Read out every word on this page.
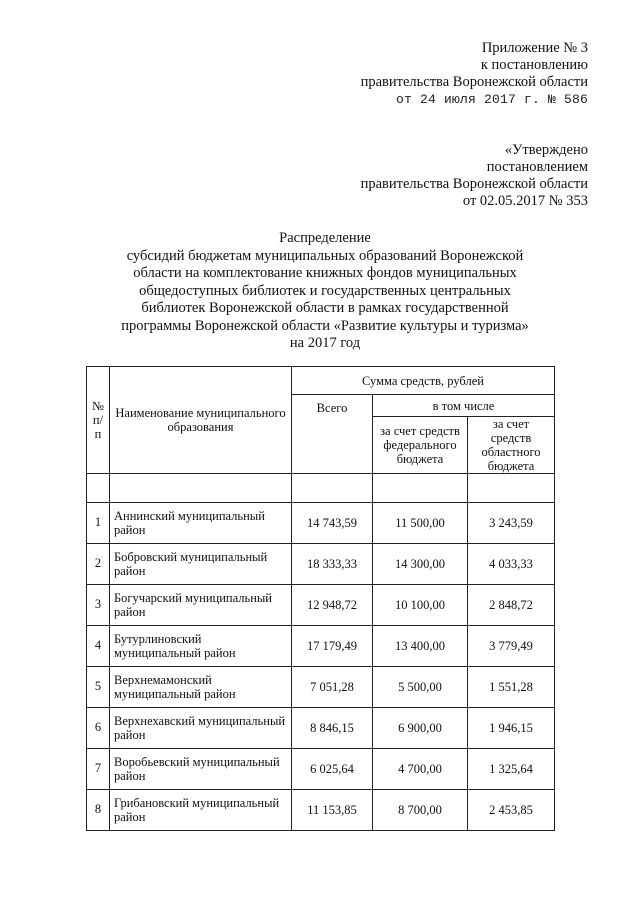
Приложение № 3
к постановлению
правительства Воронежской области
от 24 июля 2017 г. № 586
«Утверждено
постановлением
правительства Воронежской области
от 02.05.2017 № 353
Распределение
субсидий бюджетам муниципальных образований Воронежской
области на комплектование книжных фондов муниципальных
общедоступных библиотек и государственных центральных
библиотек Воронежской области в рамках государственной
программы Воронежской области «Развитие культуры и туризма»
на 2017 год
№ п/п	Наименование муниципального образования	Сумма средств, рублей		
		Всего	в том числе	
			за счет средств федерального бюджета	за счет средств областного бюджета

1	Аннинский муниципальный район	14 743,59	11 500,00	3 243,59
2	Бобровский муниципальный район	18 333,33	14 300,00	4 033,33
3	Богучарский муниципальный район	12 948,72	10 100,00	2 848,72
4	Бутурлиновский муниципальный район	17 179,49	13 400,00	3 779,49
5	Верхнемамонский муниципальный район	7 051,28	5 500,00	1 551,28
6	Верхнехавский муниципальный район	8 846,15	6 900,00	1 946,15
7	Воробьевский муниципальный район	6 025,64	4 700,00	1 325,64
8	Грибановский муниципальный район	11 153,85	8 700,00	2 453,85
